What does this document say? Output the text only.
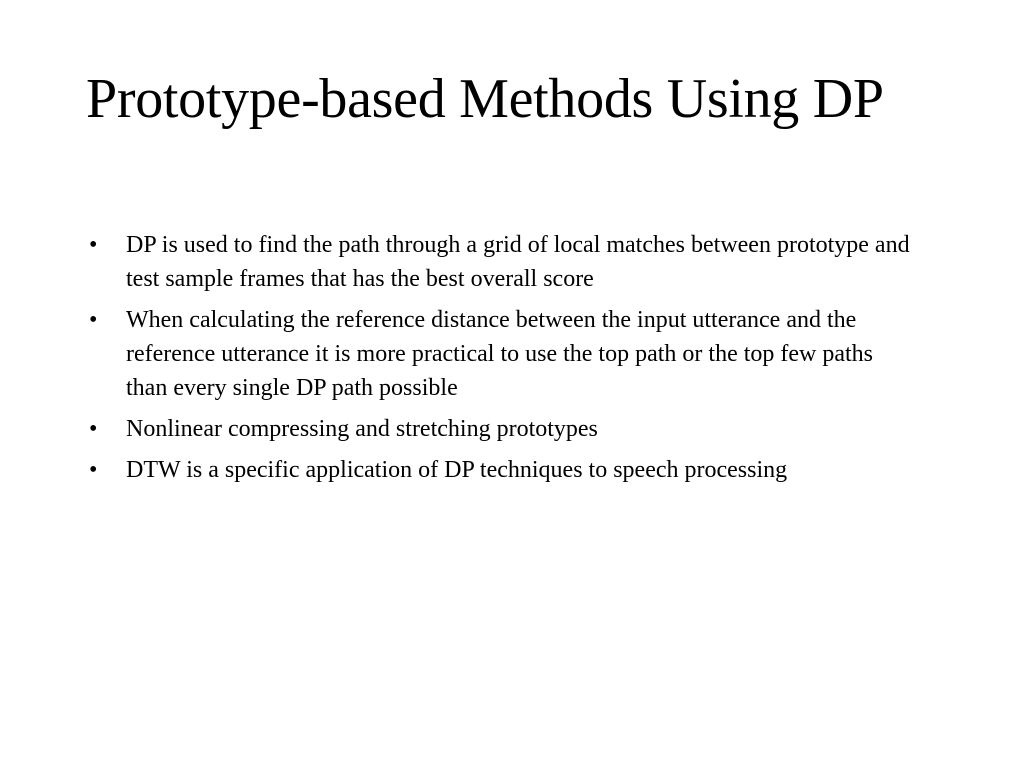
Prototype-based Methods Using DP
• DP is used to find the path through a grid of local matches between prototype and test sample frames that has the best overall score
• When calculating the reference distance between the input utterance and the reference utterance it is more practical to use the top path or the top few paths than every single DP path possible
• Nonlinear compressing and stretching prototypes
• DTW is a specific application of DP techniques to speech processing
